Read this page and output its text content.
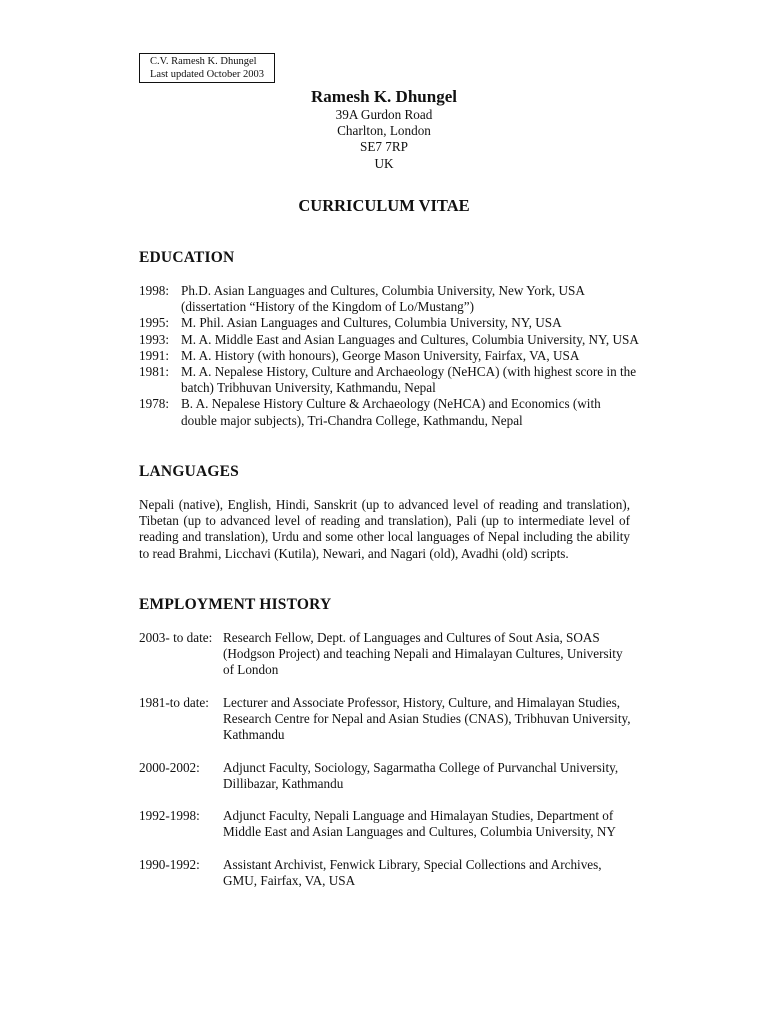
C.V. Ramesh K. Dhungel
Last updated October 2003
Ramesh K. Dhungel
39A Gurdon Road
Charlton, London
SE7 7RP
UK
CURRICULUM VITAE
EDUCATION
1998: Ph.D. Asian Languages and Cultures, Columbia University, New York, USA (dissertation “History of the Kingdom of Lo/Mustang”)
1995: M. Phil. Asian Languages and Cultures, Columbia University, NY, USA
1993: M. A. Middle East and Asian Languages and Cultures, Columbia University, NY, USA
1991: M. A. History (with honours), George Mason University, Fairfax, VA, USA
1981: M. A. Nepalese History, Culture and Archaeology (NeHCA) (with highest score in the batch) Tribhuvan University, Kathmandu, Nepal
1978: B. A. Nepalese History Culture & Archaeology (NeHCA) and Economics (with double major subjects), Tri-Chandra College, Kathmandu, Nepal
LANGUAGES
Nepali (native), English, Hindi, Sanskrit (up to advanced level of reading and translation), Tibetan (up to advanced level of reading and translation), Pali (up to intermediate level of reading and translation), Urdu and some other local languages of Nepal including the ability to read Brahmi, Licchavi (Kutila), Newari, and Nagari (old), Avadhi (old) scripts.
EMPLOYMENT HISTORY
2003- to date: Research Fellow, Dept. of Languages and Cultures of Sout Asia, SOAS (Hodgson Project) and teaching Nepali and Himalayan Cultures, University of London
1981-to date:	Lecturer and Associate Professor, History, Culture, and Himalayan Studies, Research Centre for Nepal and Asian Studies (CNAS), Tribhuvan University, Kathmandu
2000-2002:	Adjunct Faculty, Sociology, Sagarmatha College of Purvanchal University, Dillibazar, Kathmandu
1992-1998:	Adjunct Faculty, Nepali Language and Himalayan Studies, Department of Middle East and Asian Languages and Cultures, Columbia University, NY
1990-1992:	Assistant Archivist, Fenwick Library, Special Collections and Archives, GMU, Fairfax, VA, USA
